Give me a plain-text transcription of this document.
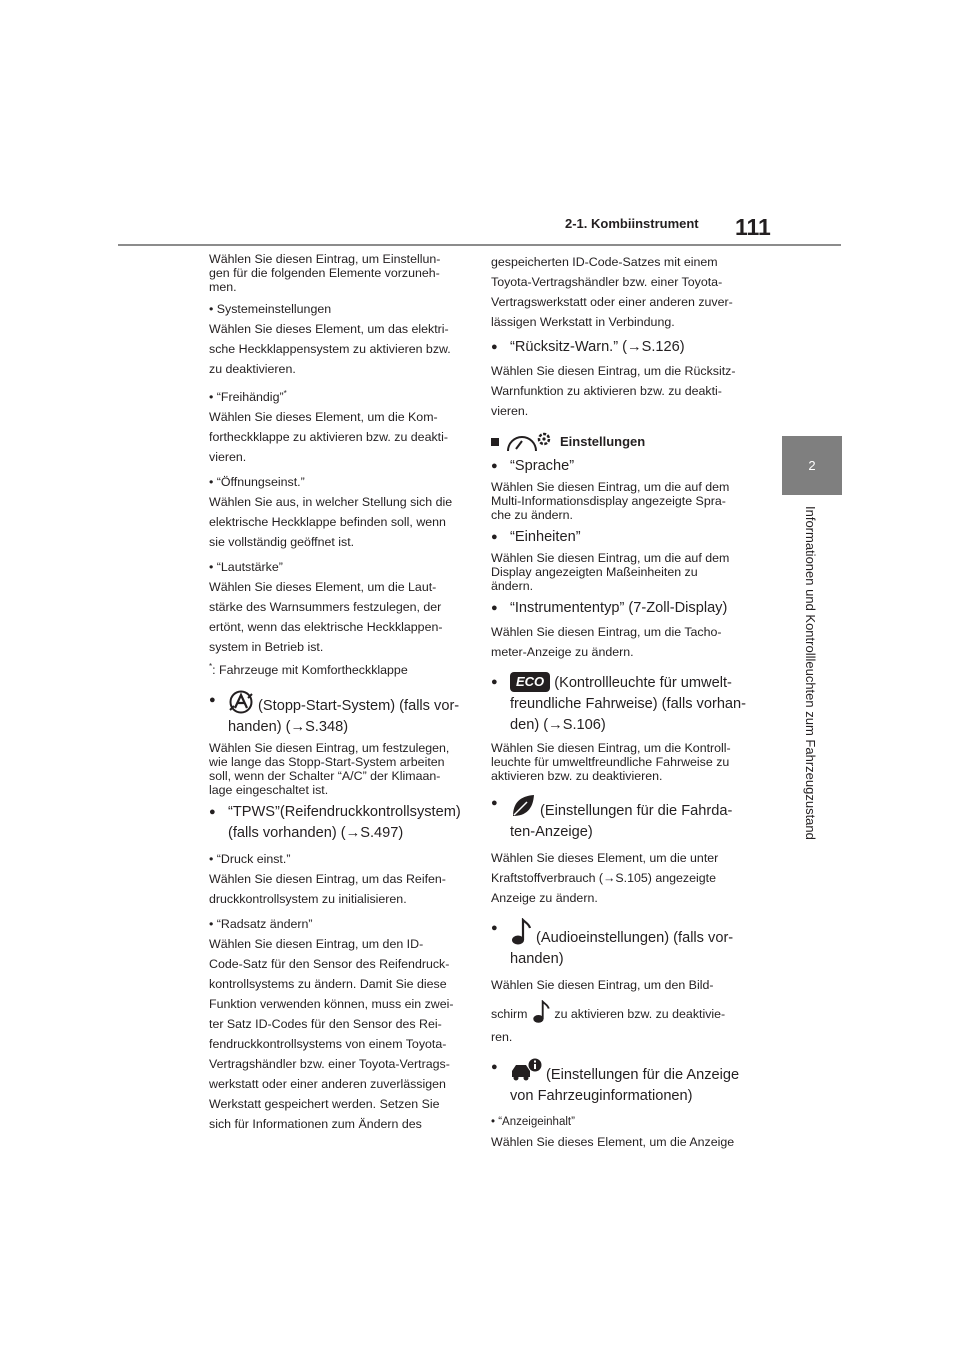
2-1. Kombiinstrument 111
2
Informationen und Kontrollleuchten zum Fahrzeugzustand

Wählen Sie diesen Eintrag, um Einstellun-

gen für die folgenden Elemente vorzuneh-

men.

• Systemeinstellungen

Wählen Sie dieses Element, um das elektri-

sche Heckklappensystem zu aktivieren bzw.

zu deaktivieren.

• “Freihändig”*

Wählen Sie dieses Element, um die Kom-

fortheckklappe zu aktivieren bzw. zu deakti-

vieren.

• “Öffnungseinst.”

Wählen Sie aus, in welcher Stellung sich die

elektrische Heckklappe befinden soll, wenn

sie vollständig geöffnet ist.

• “Lautstärke”

Wählen Sie dieses Element, um die Laut-

stärke des Warnsummers festzulegen, der

ertönt, wenn das elektrische Heckklappen-

system in Betrieb ist.

*: Fahrzeuge mit Komfortheckklappe

● (Stopp-Start-System) (falls vor-

handen) (→S.348)

Wählen Sie diesen Eintrag, um festzulegen,

wie lange das Stopp-Start-System arbeiten

soll, wenn der Schalter “A/C” der Klimaan-

lage eingeschaltet ist.

● “TPWS”(Reifendruckkontrollsystem)

(falls vorhanden) (→S.497)

• “Druck einst.”

Wählen Sie diesen Eintrag, um das Reifen-

druckkontrollsystem zu initialisieren.

• “Radsatz ändern”

Wählen Sie diesen Eintrag, um den ID-

Code-Satz für den Sensor des Reifendruck-

kontrollsystems zu ändern. Damit Sie diese

Funktion verwenden können, muss ein zwei-

ter Satz ID-Codes für den Sensor des Rei-

fendruckkontrollsystems von einem Toyota-

Vertragshändler bzw. einer Toyota-Vertrags-

werkstatt oder einer anderen zuverlässigen

Werkstatt gespeichert werden. Setzen Sie

sich für Informationen zum Ändern des

gespeicherten ID-Code-Satzes mit einem

Toyota-Vertragshändler bzw. einer Toyota-

Vertragswerkstatt oder einer anderen zuver-

lässigen Werkstatt in Verbindung.

● “Rücksitz-Warn.” (→S.126)

Wählen Sie diesen Eintrag, um die Rücksitz-

Warnfunktion zu aktivieren bzw. zu deakti-

vieren.

Einstellungen

● “Sprache”

Wählen Sie diesen Eintrag, um die auf dem

Multi-Informationsdisplay angezeigte Spra-

che zu ändern.

● “Einheiten”

Wählen Sie diesen Eintrag, um die auf dem

Display angezeigten Maßeinheiten zu

ändern.

● “Instrumententyp” (7-Zoll-Display)

Wählen Sie diesen Eintrag, um die Tacho-

meter-Anzeige zu ändern.

● ECO (Kontrollleuchte für umwelt-

freundliche Fahrweise) (falls vorhan-

den) (→S.106)

Wählen Sie diesen Eintrag, um die Kontroll-

leuchte für umweltfreundliche Fahrweise zu

aktivieren bzw. zu deaktivieren.

● (Einstellungen für die Fahrda-

ten-Anzeige)

Wählen Sie dieses Element, um die unter

Kraftstoffverbrauch (→S.105) angezeigte

Anzeige zu ändern.

● (Audioeinstellungen) (falls vor-

handen)

Wählen Sie diesen Eintrag, um den Bild-

schirm  zu aktivieren bzw. zu deaktivie-

ren.

● (Einstellungen für die Anzeige

von Fahrzeuginformationen)

• “Anzeigeinhalt”

Wählen Sie dieses Element, um die Anzeige
